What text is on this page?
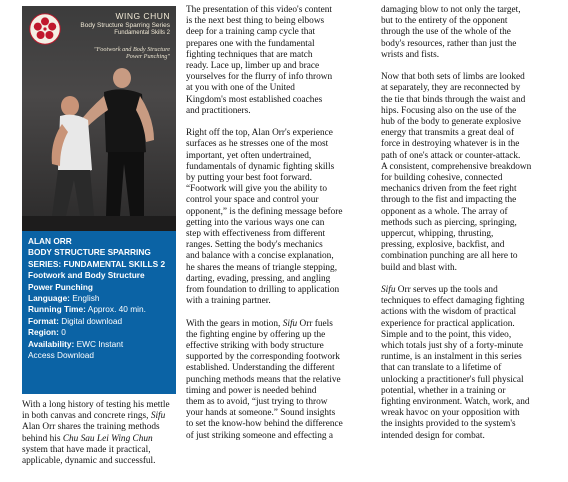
WING CHUN
Body Structure Sparring Series
Fundamental Skills 2
"Footwork and Body Structure
Power Punching"
ALAN ORR
BODY STRUCTURE SPARRING
SERIES: FUNDAMENTAL SKILLS 2
Footwork and Body Structure
Power Punching
Language: English
Running Time: Approx. 40 min.
Format: Digital download
Region: 0
Availability: EWC Instant
Access Download
With a long history of testing his mettle
in both canvas and concrete rings, Sifu
Alan Orr shares the training methods
behind his Chu Sau Lei Wing Chun
system that have made it practical,
applicable, dynamic and successful.

The presentation of this video's content
is the next best thing to being elbows
deep for a training camp cycle that
prepares one with the fundamental
fighting techniques that are match
ready. Lace up, limber up and brace
yourselves for the flurry of info thrown
at you with one of the United
Kingdom's most established coaches
and practitioners.

Right off the top, Alan Orr's experience
surfaces as he stresses one of the most
important, yet often undertrained,
fundamentals of dynamic fighting skills
by putting your best foot forward.
“Footwork will give you the ability to
control your space and control your
opponent,” is the defining message before
getting into the various ways one can
step with effectiveness from different
ranges. Setting the body's mechanics
and balance with a concise explanation,
he shares the means of triangle stepping,
darting, evading, pressing, and angling
from foundation to drilling to application
with a training partner.

With the gears in motion, Sifu Orr fuels
the fighting engine by offering up the
effective striking with body structure
supported by the corresponding footwork
established. Understanding the different
punching methods means that the relative
timing and power is needed behind
them as to avoid, “just trying to throw
your hands at someone.” Sound insights
to set the know-how behind the difference
of just striking someone and effecting a

damaging blow to not only the target,
but to the entirety of the opponent
through the use of the whole of the
body's resources, rather than just the
wrists and fists.

Now that both sets of limbs are looked
at separately, they are reconnected by
the tie that binds through the waist and
hips. Focusing also on the use of the
hub of the body to generate explosive
energy that transmits a great deal of
force in destroying whatever is in the
path of one's attack or counter-attack.
A consistent, comprehensive breakdown
for building cohesive, connected
mechanics driven from the feet right
through to the fist and impacting the
opponent as a whole. The array of
methods such as piercing, springing,
uppercut, whipping, thrusting,
pressing, explosive, backfist, and
combination punching are all here to
build and blast with.

Sifu Orr serves up the tools and
techniques to effect damaging fighting
actions with the wisdom of practical
experience for practical application.
Simple and to the point, this video,
which totals just shy of a forty-minute
runtime, is an instalment in this series
that can translate to a lifetime of
unlocking a practitioner's full physical
potential, whether in a training or
fighting environment. Watch, work, and
wreak havoc on your opposition with
the insights provided to the system's
intended design for combat.
